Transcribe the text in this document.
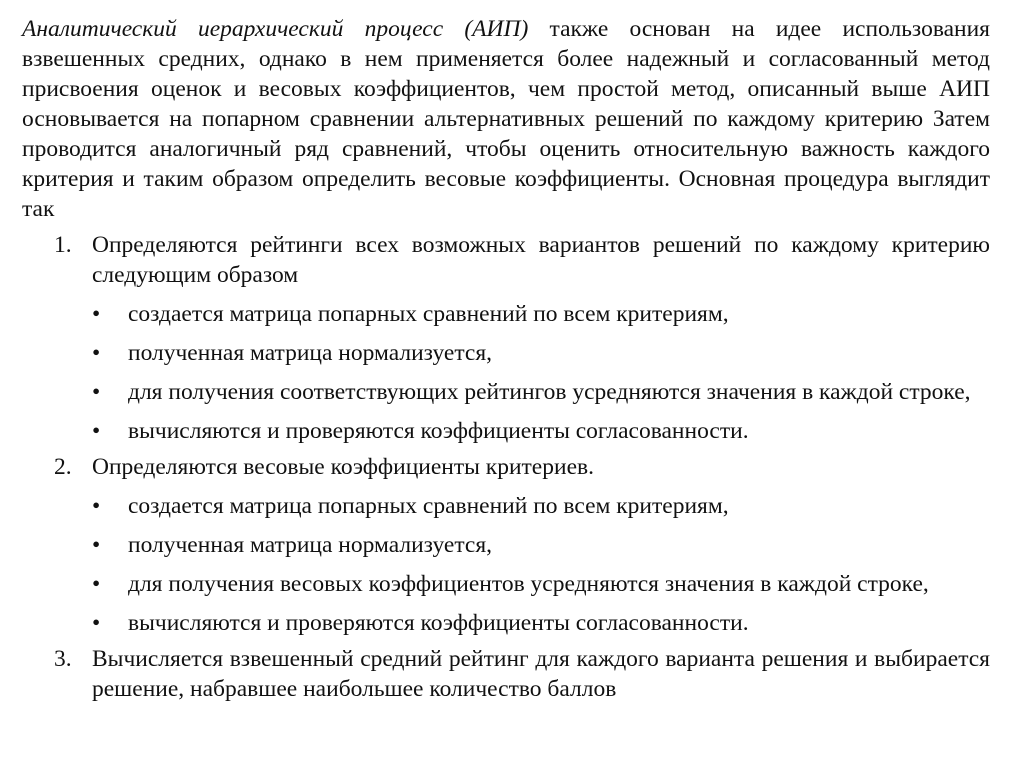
Аналитический иерархический процесс (АИП) также основан на идее использования взвешенных средних, однако в нем применяется более надежный и согласованный метод присвоения оценок и весовых коэффициентов, чем простой метод, описанный выше АИП основывается на попарном сравнении альтернативных решений по каждому критерию Затем проводится аналогичный ряд сравнений, чтобы оценить относительную важность каждого критерия и таким образом определить весовые коэффициенты. Основная процедура выглядит так

1. Определяются рейтинги всех возможных вариантов решений по каждому критерию следующим образом
• создается матрица попарных сравнений по всем критериям,
• полученная матрица нормализуется,
• для получения соответствующих рейтингов усредняются значения в каждой строке,
• вычисляются и проверяются коэффициенты согласованности.
2. Определяются весовые коэффициенты критериев.
• создается матрица попарных сравнений по всем критериям,
• полученная матрица нормализуется,
• для получения весовых коэффициентов усредняются значения в каждой строке,
• вычисляются и проверяются коэффициенты согласованности.
3. Вычисляется взвешенный средний рейтинг для каждого варианта решения и выбирается решение, набравшее наибольшее количество баллов
